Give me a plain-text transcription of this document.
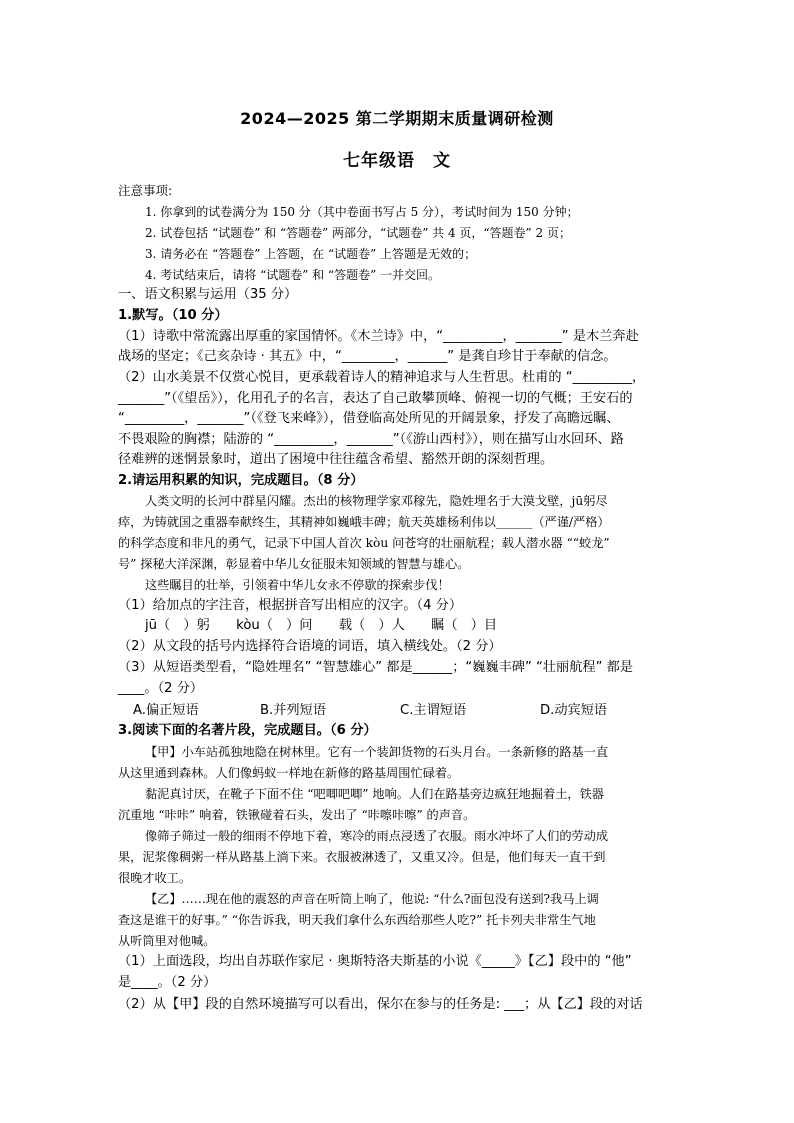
2024—2025 第二学期期末质量调研检测
七年级语　文
注意事项:
1. 你拿到的试卷满分为 150 分（其中卷面书写占 5 分），考试时间为 150 分钟；
2. 试卷包括 “试题卷” 和 “答题卷” 两部分，“试题卷” 共 4 页，“答题卷” 2 页；
3. 请务必在 “答题卷” 上答题，在 “试题卷” 上答题是无效的；
4. 考试结束后，请将 “试题卷” 和 “答题卷” 一并交回。
一、语文积累与运用（35 分）
1.默写。（10 分）
（1）诗歌中常流露出厚重的家国情怀。《木兰诗》中，“_________，_______” 是木兰奔赴
战场的坚定；《己亥杂诗 · 其五》中，“________，______” 是龚自珍甘于奉献的信念。
（2）山水美景不仅赏心悦目，更承载着诗人的精神追求与人生哲思。杜甫的 “_________，
_______”（《望岳》），化用孔子的名言，表达了自己敢攀顶峰、俯视一切的气概；王安石的
“_________，_______”（《登飞来峰》），借登临高处所见的开阔景象，抒发了高瞻远瞩、
不畏艰险的胸襟；陆游的 “_________，_______”（《游山西村》），则在描写山水回环、路
径难辨的迷惘景象时，道出了困境中往往蕴含希望、豁然开朗的深刻哲理。
2.请运用积累的知识，完成题目。（8 分）
人类文明的长河中群星闪耀。杰出的核物理学家邓稼先，隐姓埋名于大漠戈壁，jū躬尽
瘁，为铸就国之重器奉献终生，其精神如巍峨丰碑；航天英雄杨利伟以______（严谨/严格）
的科学态度和非凡的勇气，记录下中国人首次 kòu 问苍穹的壮丽航程；载人潜水器 ““蛟龙”
号” 探秘大洋深渊，彰显着中华儿女征服未知领域的智慧与雄心。
这些瞩目的壮举，引领着中华儿女永不停歇的探索步伐！
（1）给加点的字注音，根据拼音写出相应的汉字。（4 分）
jū（　）躬　　kòu（　）问　　载（　）人　　瞩（　）目
（2）从文段的括号内选择符合语境的词语，填入横线处。（2 分）
（3）从短语类型看，“隐姓埋名” “智慧雄心” 都是______；“巍巍丰碑” “壮丽航程” 都是
____。（2 分）
A.偏正短语	B.并列短语	C.主谓短语	D.动宾短语
3.阅读下面的名著片段，完成题目。（6 分）
【甲】小车站孤独地隐在树林里。它有一个装卸货物的石头月台。一条新修的路基一直
从这里通到森林。人们像蚂蚁一样地在新修的路基周围忙碌着。
黏泥真讨厌，在靴子下面不住 “吧唧吧唧” 地响。人们在路基旁边疯狂地掘着土，铁器
沉重地 “咔咔” 响着，铁锹碰着石头，发出了 “咔嚓咔嚓” 的声音。
像筛子筛过一般的细雨不停地下着，寒冷的雨点浸透了衣服。雨水冲坏了人们的劳动成
果，泥浆像稠粥一样从路基上淌下来。衣服被淋透了，又重又冷。但是，他们每天一直干到
很晚才收工。
【乙】……现在他的震怒的声音在听筒上响了，他说: “什么?面包没有送到?我马上调
查这是谁干的好事。” “你告诉我，明天我们拿什么东西给那些人吃?” 托卡列夫非常生气地
从听筒里对他喊。
（1）上面选段，均出自苏联作家尼 · 奥斯特洛夫斯基的小说《_____》【乙】段中的 “他”
是____。（2 分）
（2）从【甲】段的自然环境描写可以看出，保尔在参与的任务是: ___；从【乙】段的对话
